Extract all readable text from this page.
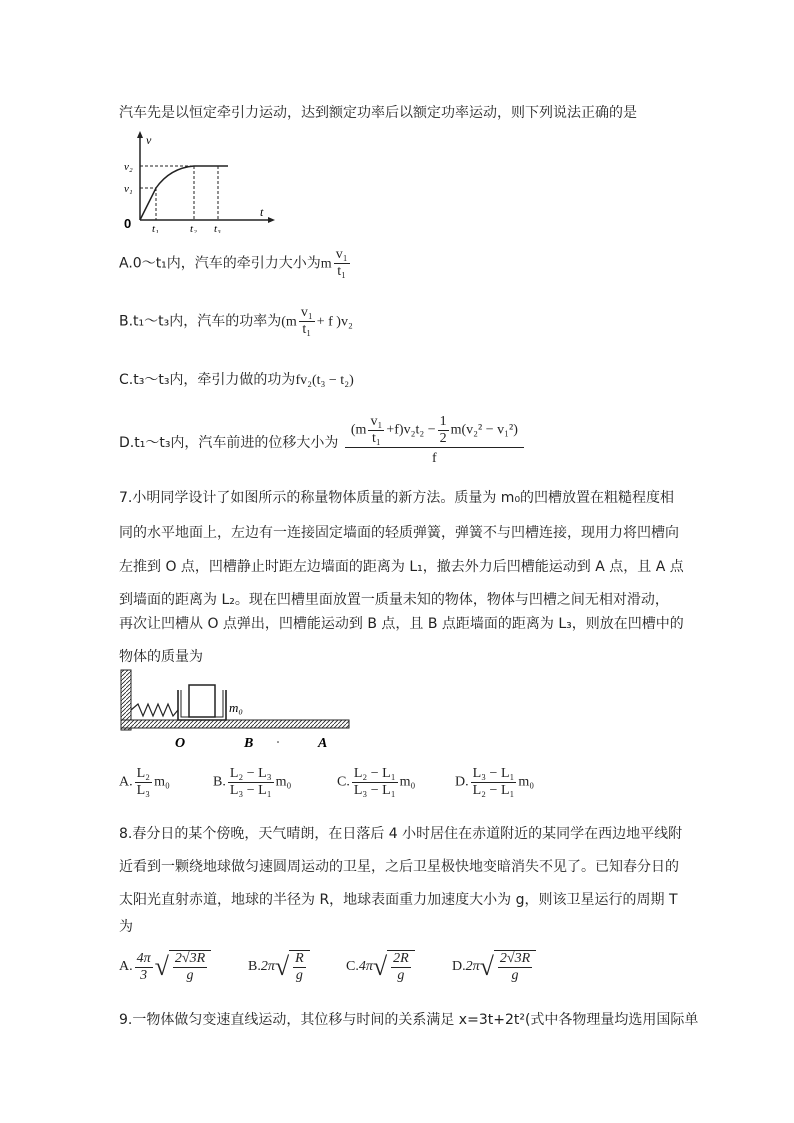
汽车先是以恒定牵引力运动，达到额定功率后以额定功率运动，则下列说法正确的是
v
t
0
v₁
v₂
t₁	t₂ t₃
A.0～t₁内，汽车的牵引力大小为m $\frac{\text{v₁}}{\text{t₁}}$
B.t₁～t₃内，汽车的功率为($m \frac{\text{v₁}}{\text{t₁}} + f$ )v₂
C.t₃～t₃内，牵引力做的功为fv₂(t₃ − t₂)
D.t₁～t₃内，汽车前进的位移大小为 $\frac{(m \frac{\text{v₁}}{\text{t₁}} +f)v_2t_2 - \frac{1}{2} m(v_2^2 - v_1^2)}{f}$
7.小明同学设计了如图所示的称量物体质量的新方法。质量为 m₀的凹槽放置在粗糙程度相
同的水平地面上，左边有一连接固定墙面的轻质弹簧，弹簧不与凹槽连接，现用力将凹槽向
左推到 O 点，凹槽静止时距左边墙面的距离为 L₁，撤去外力后凹槽能运动到 A 点，且 A 点
到墙面的距离为 L₂。现在凹槽里面放置一质量未知的物体，物体与凹槽之间无相对滑动，
再次让凹槽从 O 点弹出，凹槽能运动到 B 点，且 B 点距墙面的距离为 L₃，则放在凹槽中的
物体的质量为
m₀
O	B	A
A. $\frac{\text{L₂}}{\text{L₃}} m_0$	B. $\frac{\text{L₂ − L₃}}{\text{L₃ − L₁}} m_0$	C. $\frac{\text{L₂ − L₁}}{\text{L₃ − L₁}} m_0$	D. $\frac{\text{L₃ − L₁}}{\text{L₂ − L₁}} m_0$
8.春分日的某个傍晚，天气晴朗，在日落后 4 小时居住在赤道附近的某同学在西边地平线附
近看到一颗绕地球做匀速圆周运动的卫星，之后卫星极快地变暗消失不见了。已知春分日的
太阳光直射赤道，地球的半径为 R，地球表面重力加速度大小为 g，则该卫星运行的周期 T
为
A. $\frac{4\pi}{3}$ √ $\frac{2√3R}{g}$	$B.2\pi√ \frac{R}{g}$	$C.4\pi√ \frac{2R}{g}$	$D.2\pi√ \frac{2√3R}{g}$
9.一物体做匀变速直线运动，其位移与时间的关系满足 x=3t+2t²(式中各物理量均选用国际单
